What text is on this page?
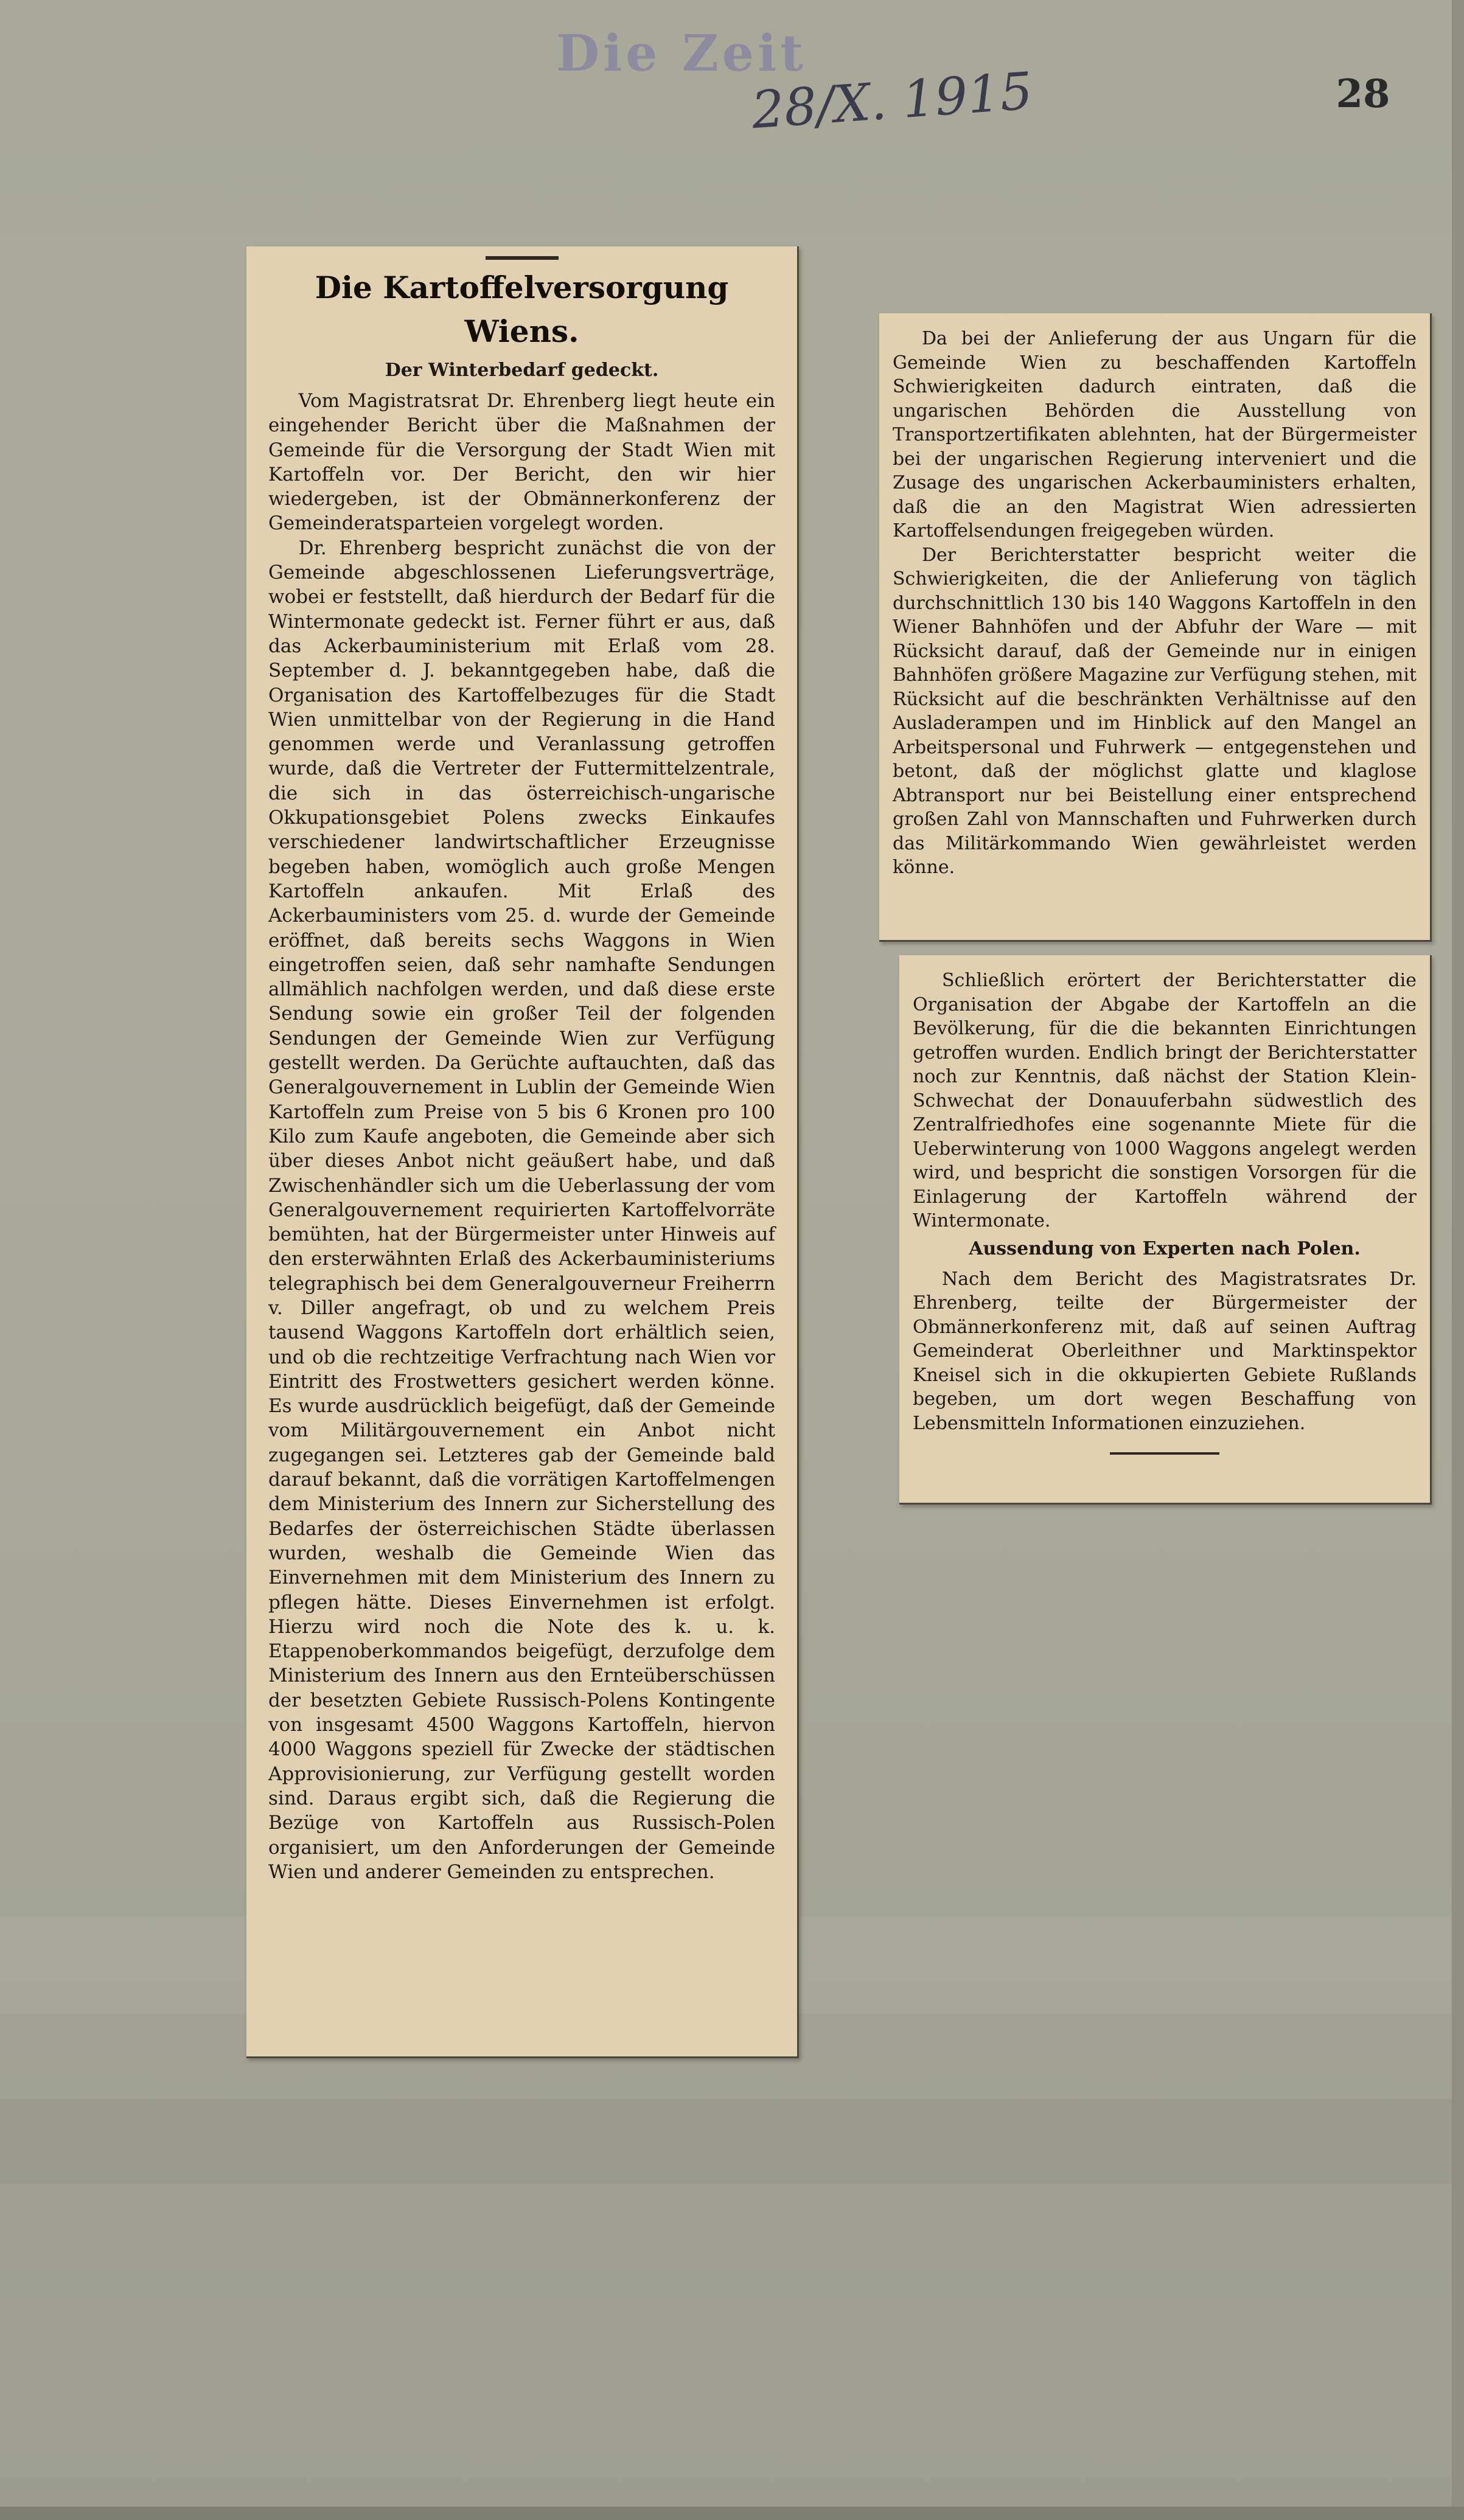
Die Zeit
28/X. 1915	28
Die Kartoffelversorgung Wiens.
Der Winterbedarf gedeckt.

Vom Magistratsrat Dr. Ehrenberg liegt heute ein eingehender Bericht über die Maßnahmen der Gemeinde für die Versorgung der Stadt Wien mit Kartoffeln vor. Der Bericht, den wir hier wiedergeben, ist der Obmännerkonferenz der Gemeinderatsparteien vorgelegt worden.

Dr. Ehrenberg bespricht zunächst die von der Gemeinde abgeschlossenen Lieferungsverträge, wobei er feststellt, daß hierdurch der Bedarf für die Wintermonate gedeckt ist. Ferner führt er aus, daß das Ackerbauministerium mit Erlaß vom 28. September d. J. bekanntgegeben habe, daß die Organisation des Kartoffelbezuges für die Stadt Wien unmittelbar von der Regierung in die Hand genommen werde und Veranlassung getroffen wurde, daß die Vertreter der Futtermittelzentrale, die sich in das österreichisch-ungarische Okkupationsgebiet Polens zwecks Einkaufes verschiedener landwirtschaftlicher Erzeugnisse begeben haben, womöglich auch große Mengen Kartoffeln ankaufen. Mit Erlaß des Ackerbauministers vom 25. d. wurde der Gemeinde eröffnet, daß bereits sechs Waggons in Wien eingetroffen seien, daß sehr namhafte Sendungen allmählich nachfolgen werden, und daß diese erste Sendung sowie ein großer Teil der folgenden Sendungen der Gemeinde Wien zur Verfügung gestellt werden. Da Gerüchte auftauchten, daß das Generalgouvernement in Lublin der Gemeinde Wien Kartoffeln zum Preise von 5 bis 6 Kronen pro 100 Kilo zum Kaufe angeboten, die Gemeinde aber sich über dieses Anbot nicht geäußert habe, und daß Zwischenhändler sich um die Ueberlassung der vom Generalgouvernement requirierten Kartoffelvorräte bemühten, hat der Bürgermeister unter Hinweis auf den ersterwähnten Erlaß des Ackerbauministeriums telegraphisch bei dem Generalgouverneur Freiherrn v. Diller angefragt, ob und zu welchem Preis tausend Waggons Kartoffeln dort erhältlich seien, und ob die rechtzeitige Verfrachtung nach Wien vor Eintritt des Frostwetters gesichert werden könne. Es wurde ausdrücklich beigefügt, daß der Gemeinde vom Militärgouvernement ein Anbot nicht zugegangen sei. Letzteres gab der Gemeinde bald darauf bekannt, daß die vorrätigen Kartoffelmengen dem Ministerium des Innern zur Sicherstellung des Bedarfes der österreichischen Städte überlassen wurden, weshalb die Gemeinde Wien das Einvernehmen mit dem Ministerium des Innern zu pflegen hätte. Dieses Einvernehmen ist erfolgt. Hierzu wird noch die Note des k. u. k. Etappenoberkommandos beigefügt, derzufolge dem Ministerium des Innern aus den Ernteüberschüssen der besetzten Gebiete Russisch-Polens Kontingente von insgesamt 4500 Waggons Kartoffeln, hiervon 4000 Waggons speziell für Zwecke der städtischen Approvisionierung, zur Verfügung gestellt worden sind. Daraus ergibt sich, daß die Regierung die Bezüge von Kartoffeln aus Russisch-Polen organisiert, um den Anforderungen der Gemeinde Wien und anderer Gemeinden zu entsprechen.

Da bei der Anlieferung der aus Ungarn für die Gemeinde Wien zu beschaffenden Kartoffeln Schwierigkeiten dadurch eintraten, daß die ungarischen Behörden die Ausstellung von Transportzertifikaten ablehnten, hat der Bürgermeister bei der ungarischen Regierung interveniert und die Zusage des ungarischen Ackerbauministers erhalten, daß die an den Magistrat Wien adressierten Kartoffelsendungen freigegeben würden.

Der Berichterstatter bespricht weiter die Schwierigkeiten, die der Anlieferung von täglich durchschnittlich 130 bis 140 Waggons Kartoffeln in den Wiener Bahnhöfen und der Abfuhr der Ware — mit Rücksicht darauf, daß der Gemeinde nur in einigen Bahnhöfen größere Magazine zur Verfügung stehen, mit Rücksicht auf die beschränkten Verhältnisse auf den Ausladerampen und im Hinblick auf den Mangel an Arbeitspersonal und Fuhrwerk — entgegenstehen und betont, daß der möglichst glatte und klaglose Abtransport nur bei Beistellung einer entsprechend großen Zahl von Mannschaften und Fuhrwerken durch das Militärkommando Wien gewährleistet werden könne.

Schließlich erörtert der Berichterstatter die Organisation der Abgabe der Kartoffeln an die Bevölkerung, für die die bekannten Einrichtungen getroffen wurden. Endlich bringt der Berichterstatter noch zur Kenntnis, daß nächst der Station Klein-Schwechat der Donauuferbahn südwestlich des Zentralfriedhofes eine sogenannte Miete für die Ueberwinterung von 1000 Waggons angelegt werden wird, und bespricht die sonstigen Vorsorgen für die Einlagerung der Kartoffeln während der Wintermonate.

Aussendung von Experten nach Polen.

Nach dem Bericht des Magistratsrates Dr. Ehrenberg, teilte der Bürgermeister der Obmännerkonferenz mit, daß auf seinen Auftrag Gemeinderat Oberleithner und Marktinspektor Kneisel sich in die okkupierten Gebiete Rußlands begeben, um dort wegen Beschaffung von Lebensmitteln Informationen einzuziehen.
